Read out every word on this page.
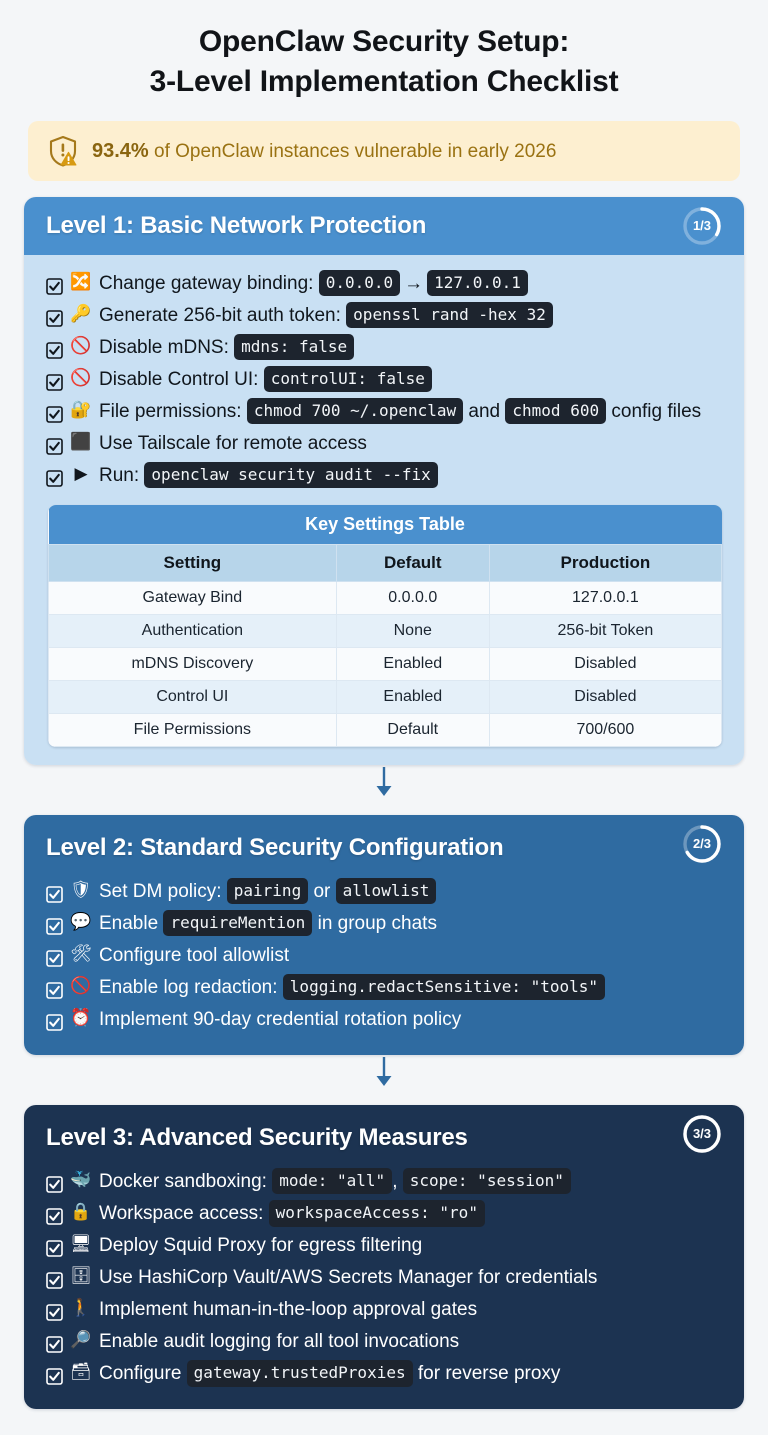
OpenClaw Security Setup:
3-Level Implementation Checklist
93.4% of OpenClaw instances vulnerable in early 2026
Level 1: Basic Network Protection	1/3
🔀 Change gateway binding: 0.0.0.0 → 127.0.0.1
🔑 Generate 256-bit auth token: openssl rand -hex 32
🚫 Disable mDNS: mdns: false
🚫 Disable Control UI: controlUI: false
🔐 File permissions: chmod 700 ~/.openclaw and chmod 600 config files
⬛ Use Tailscale for remote access
▶ Run: openclaw security audit --fix
Key Settings Table		
Setting	Default	Production
Gateway Bind	0.0.0.0	127.0.0.1
Authentication	None	256-bit Token
mDNS Discovery	Enabled	Disabled
Control UI	Enabled	Disabled
File Permissions	Default	700/600
Level 2: Standard Security Configuration	2/3
🛡 Set DM policy: pairing or allowlist
💬 Enable requireMention in group chats
🛠 Configure tool allowlist
🚫 Enable log redaction: logging.redactSensitive: "tools"
⏰ Implement 90-day credential rotation policy
Level 3: Advanced Security Measures	3/3
🐳 Docker sandboxing: mode: "all" , scope: "session"
🔒 Workspace access: workspaceAccess: "ro"
🖥 Deploy Squid Proxy for egress filtering
🗄 Use HashiCorp Vault/AWS Secrets Manager for credentials
🚶 Implement human-in-the-loop approval gates
🔎 Enable audit logging for all tool invocations
🗃 Configure gateway.trustedProxies for reverse proxy
